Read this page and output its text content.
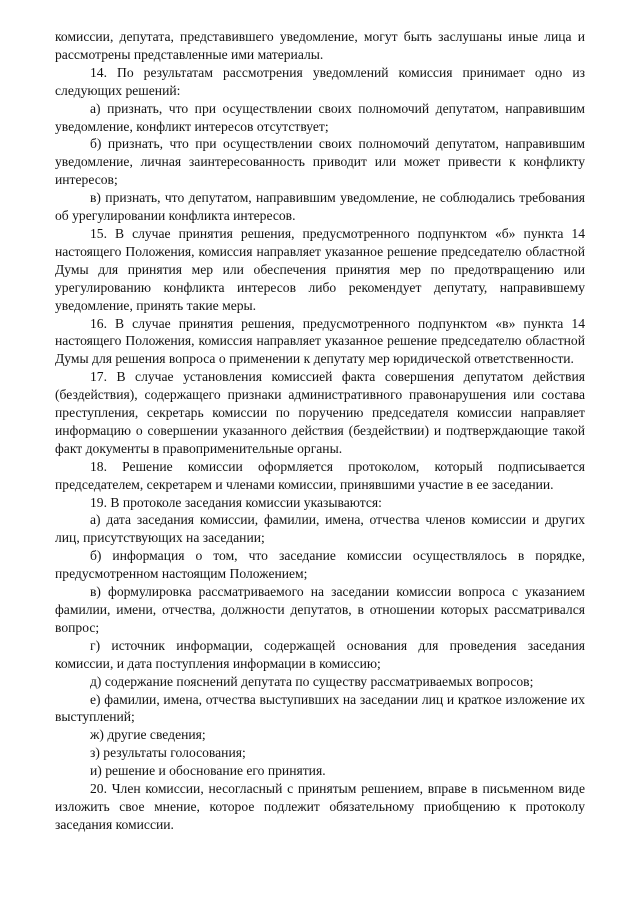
комиссии, депутата, представившего уведомление, могут быть заслушаны иные лица и рассмотрены представленные ими материалы.

14. По результатам рассмотрения уведомлений комиссия принимает одно из следующих решений:

а) признать, что при осуществлении своих полномочий депутатом, направившим уведомление, конфликт интересов отсутствует;

б) признать, что при осуществлении своих полномочий депутатом, направившим уведомление, личная заинтересованность приводит или может привести к конфликту интересов;

в) признать, что депутатом, направившим уведомление, не соблюдались требования об урегулировании конфликта интересов.

15. В случае принятия решения, предусмотренного подпунктом «б» пункта 14 настоящего Положения, комиссия направляет указанное решение председателю областной Думы для принятия мер или обеспечения принятия мер по предотвращению или урегулированию конфликта интересов либо рекомендует депутату, направившему уведомление, принять такие меры.

16. В случае принятия решения, предусмотренного подпунктом «в» пункта 14 настоящего Положения, комиссия направляет указанное решение председателю областной Думы для решения вопроса о применении к депутату мер юридической ответственности.

17. В случае установления комиссией факта совершения депутатом действия (бездействия), содержащего признаки административного правонарушения или состава преступления, секретарь комиссии по поручению председателя комиссии направляет информацию о совершении указанного действия (бездействии) и подтверждающие такой факт документы в правоприменительные органы.

18. Решение комиссии оформляется протоколом, который подписывается председателем, секретарем и членами комиссии, принявшими участие в ее заседании.

19. В протоколе заседания комиссии указываются:

а) дата заседания комиссии, фамилии, имена, отчества членов комиссии и других лиц, присутствующих на заседании;

б) информация о том, что заседание комиссии осуществлялось в порядке, предусмотренном настоящим Положением;

в) формулировка рассматриваемого на заседании комиссии вопроса с указанием фамилии, имени, отчества, должности депутатов, в отношении которых рассматривался вопрос;

г) источник информации, содержащей основания для проведения заседания комиссии, и дата поступления информации в комиссию;

д) содержание пояснений депутата по существу рассматриваемых вопросов;

е) фамилии, имена, отчества выступивших на заседании лиц и краткое изложение их выступлений;

ж) другие сведения;

з) результаты голосования;

и) решение и обоснование его принятия.

20. Член комиссии, несогласный с принятым решением, вправе в письменном виде изложить свое мнение, которое подлежит обязательному приобщению к протоколу заседания комиссии.
